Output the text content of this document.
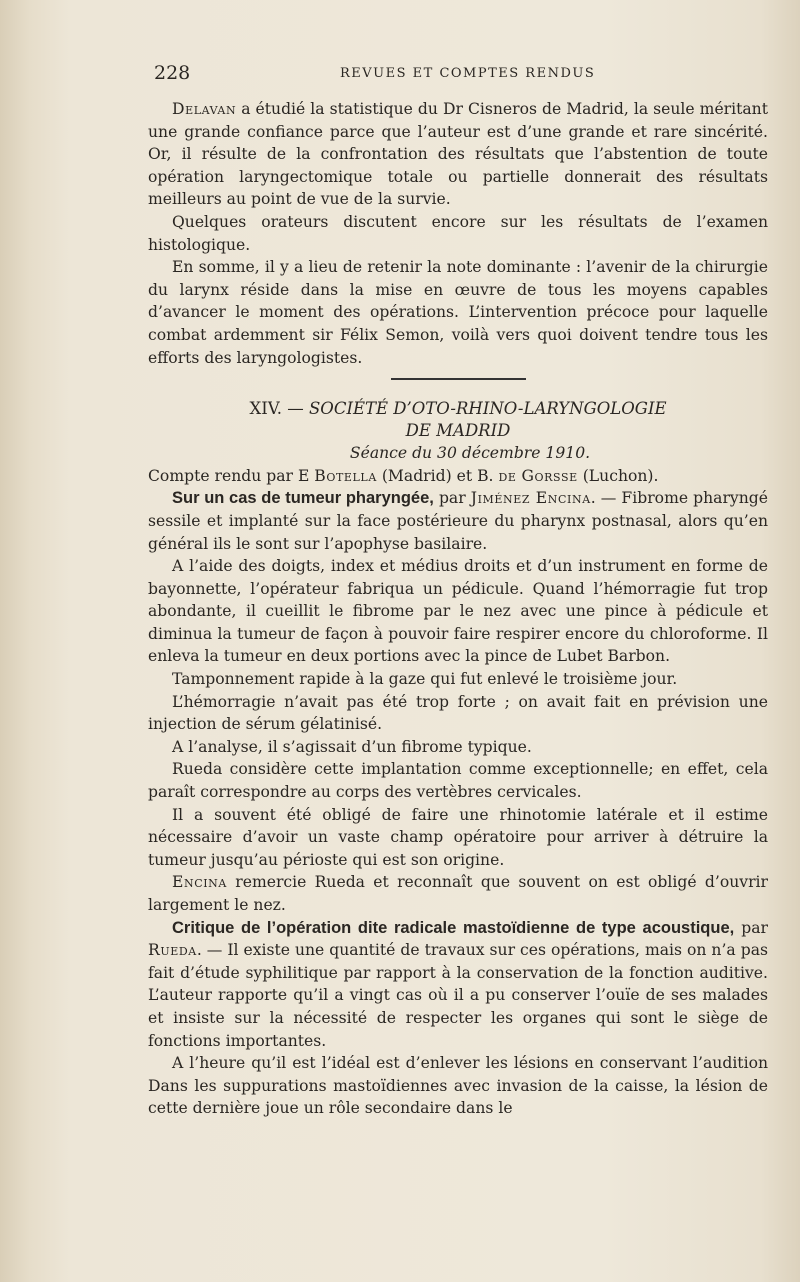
228	REVUES ET COMPTES RENDUS

Delavan a étudié la statistique du Dr Cisneros de Madrid, la seule méritant une grande confiance parce que l’auteur est d’une grande et rare sincérité. Or, il résulte de la confrontation des résultats que l’abstention de toute opération laryngectomique totale ou partielle donnerait des résultats meilleurs au point de vue de la survie.

Quelques orateurs discutent encore sur les résultats de l’examen histologique.

En somme, il y a lieu de retenir la note dominante : l’avenir de la chirurgie du larynx réside dans la mise en œuvre de tous les moyens capables d’avancer le moment des opérations. L’intervention précoce pour laquelle combat ardemment sir Félix Semon, voilà vers quoi doivent tendre tous les efforts des laryngologistes.

XIV. — SOCIÉTÉ D’OTO-RHINO-LARYNGOLOGIE
DE MADRID

Séance du 30 décembre 1910.

Compte rendu par E Botella (Madrid) et B. de Gorsse (Luchon).

Sur un cas de tumeur pharyngée, par Jiménez Encina. — Fibrome pharyngé sessile et implanté sur la face postérieure du pharynx postnasal, alors qu’en général ils le sont sur l’apophyse basilaire.

A l’aide des doigts, index et médius droits et d’un instrument en forme de bayonnette, l’opérateur fabriqua un pédicule. Quand l’hémorragie fut trop abondante, il cueillit le fibrome par le nez avec une pince à pédicule et diminua la tumeur de façon à pouvoir faire respirer encore du chloroforme. Il enleva la tumeur en deux portions avec la pince de Lubet Barbon.

Tamponnement rapide à la gaze qui fut enlevé le troisième jour.

L’hémorragie n’avait pas été trop forte ; on avait fait en prévision une injection de sérum gélatinisé.

A l’analyse, il s’agissait d’un fibrome typique.

Rueda considère cette implantation comme exceptionnelle; en effet, cela paraît correspondre au corps des vertèbres cervicales.

Il a souvent été obligé de faire une rhinotomie latérale et il estime nécessaire d’avoir un vaste champ opératoire pour arriver à détruire la tumeur jusqu’au périoste qui est son origine.

Encina remercie Rueda et reconnaît que souvent on est obligé d’ouvrir largement le nez.

Critique de l’opération dite radicale mastoïdienne de type acoustique, par Rueda. — Il existe une quantité de travaux sur ces opérations, mais on n’a pas fait d’étude syphilitique par rapport à la conservation de la fonction auditive. L’auteur rapporte qu’il a vingt cas où il a pu conserver l’ouïe de ses malades et insiste sur la nécessité de respecter les organes qui sont le siège de fonctions importantes.

A l’heure qu’il est l’idéal est d’enlever les lésions en conservant l’audition Dans les suppurations mastoïdiennes avec invasion de la caisse, la lésion de cette dernière joue un rôle secondaire dans le
